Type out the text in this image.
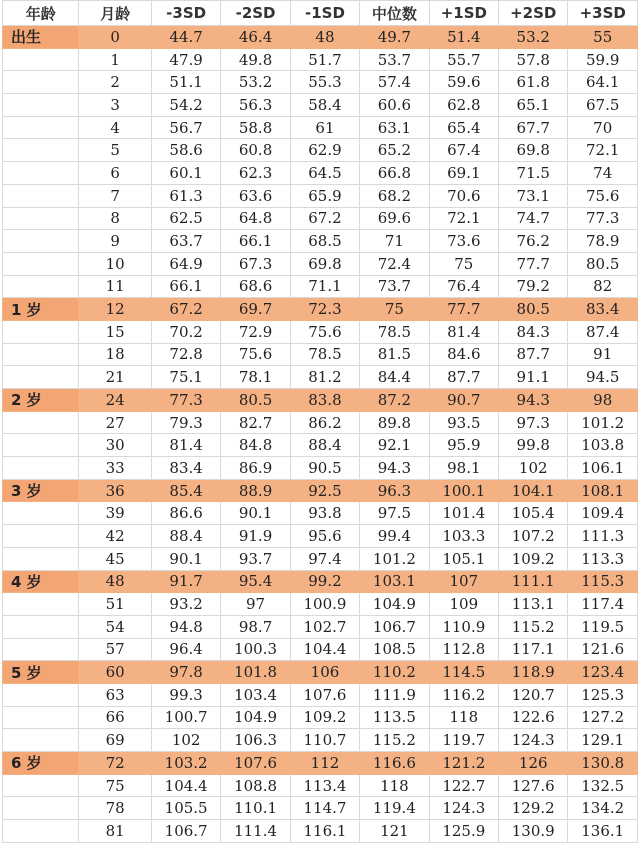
年龄	月龄	-3SD	-2SD	-1SD	中位数	+1SD	+2SD	+3SD
出生	0	44.7	46.4	48	49.7	51.4	53.2	55
	1	47.9	49.8	51.7	53.7	55.7	57.8	59.9
	2	51.1	53.2	55.3	57.4	59.6	61.8	64.1
	3	54.2	56.3	58.4	60.6	62.8	65.1	67.5
	4	56.7	58.8	61	63.1	65.4	67.7	70
	5	58.6	60.8	62.9	65.2	67.4	69.8	72.1
	6	60.1	62.3	64.5	66.8	69.1	71.5	74
	7	61.3	63.6	65.9	68.2	70.6	73.1	75.6
	8	62.5	64.8	67.2	69.6	72.1	74.7	77.3
	9	63.7	66.1	68.5	71	73.6	76.2	78.9
	10	64.9	67.3	69.8	72.4	75	77.7	80.5
	11	66.1	68.6	71.1	73.7	76.4	79.2	82
1 岁	12	67.2	69.7	72.3	75	77.7	80.5	83.4
	15	70.2	72.9	75.6	78.5	81.4	84.3	87.4
	18	72.8	75.6	78.5	81.5	84.6	87.7	91
	21	75.1	78.1	81.2	84.4	87.7	91.1	94.5
2 岁	24	77.3	80.5	83.8	87.2	90.7	94.3	98
	27	79.3	82.7	86.2	89.8	93.5	97.3	101.2
	30	81.4	84.8	88.4	92.1	95.9	99.8	103.8
	33	83.4	86.9	90.5	94.3	98.1	102	106.1
3 岁	36	85.4	88.9	92.5	96.3	100.1	104.1	108.1
	39	86.6	90.1	93.8	97.5	101.4	105.4	109.4
	42	88.4	91.9	95.6	99.4	103.3	107.2	111.3
	45	90.1	93.7	97.4	101.2	105.1	109.2	113.3
4 岁	48	91.7	95.4	99.2	103.1	107	111.1	115.3
	51	93.2	97	100.9	104.9	109	113.1	117.4
	54	94.8	98.7	102.7	106.7	110.9	115.2	119.5
	57	96.4	100.3	104.4	108.5	112.8	117.1	121.6
5 岁	60	97.8	101.8	106	110.2	114.5	118.9	123.4
	63	99.3	103.4	107.6	111.9	116.2	120.7	125.3
	66	100.7	104.9	109.2	113.5	118	122.6	127.2
	69	102	106.3	110.7	115.2	119.7	124.3	129.1
6 岁	72	103.2	107.6	112	116.6	121.2	126	130.8
	75	104.4	108.8	113.4	118	122.7	127.6	132.5
	78	105.5	110.1	114.7	119.4	124.3	129.2	134.2
	81	106.7	111.4	116.1	121	125.9	130.9	136.1
